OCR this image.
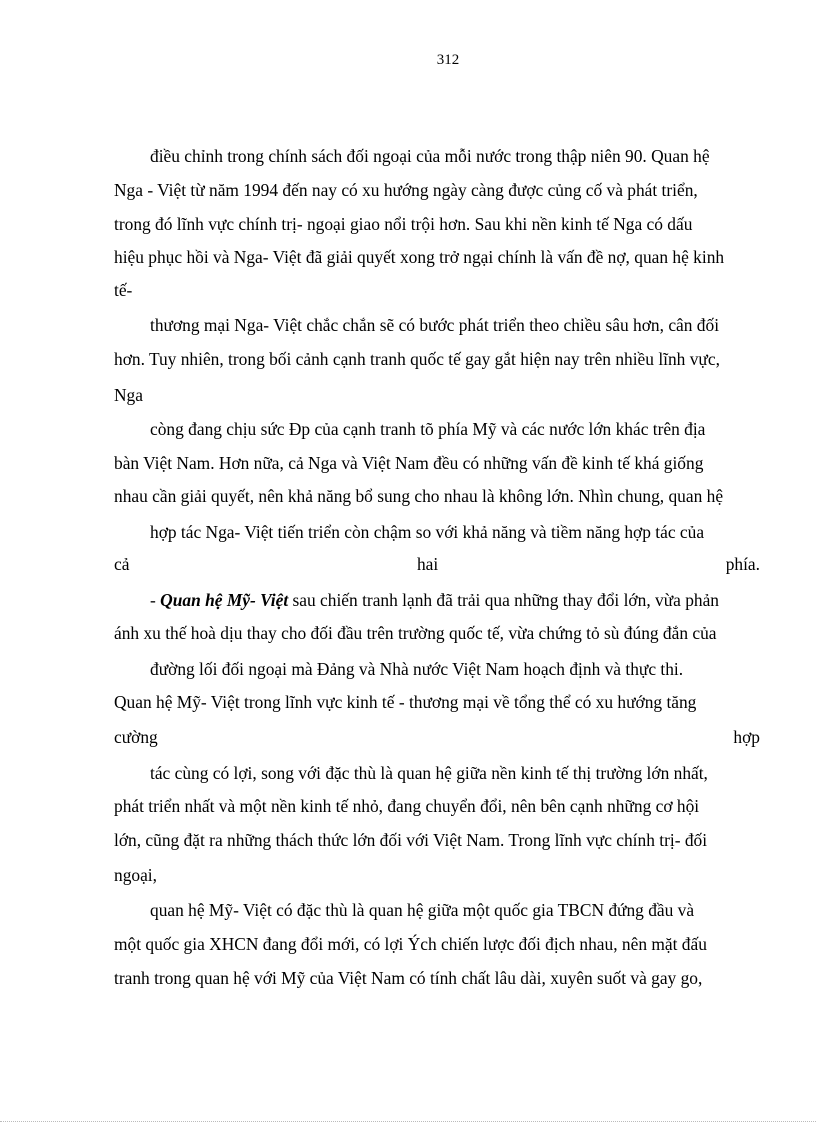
312
điều chỉnh trong chính sách đối ngoại của mỗi nước trong thập niên 90. Quan hệ
Nga - Việt từ năm 1994 đến nay có xu hướng ngày càng được củng cố và phát triển,
trong đó lĩnh vực chính trị- ngoại giao nổi trội hơn. Sau khi nền kinh tế Nga có dấu
hiệu phục hồi và Nga- Việt đã giải quyết xong trở ngại chính là vấn đề nợ, quan hệ kinh
tế-
thương mại Nga- Việt chắc chắn sẽ có bước phát triển theo chiều sâu hơn, cân đối
hơn. Tuy nhiên, trong bối cảnh cạnh tranh quốc tế gay gắt hiện nay trên nhiều lĩnh vực,
Nga
còng đang chịu sức Ðp của cạnh tranh tõ phía Mỹ và các nước lớn khác trên địa
bàn Việt Nam. Hơn nữa, cả Nga và Việt Nam đều có những vấn đề kinh tế khá giống
nhau cần giải quyết, nên khả năng bổ sung cho nhau là không lớn. Nhìn chung, quan hệ
hợp tác Nga- Việt tiến triển còn chậm so với khả năng và tiềm năng hợp tác của
cả hai phía.
- Quan hệ Mỹ- Việt sau chiến tranh lạnh đã trải qua những thay đổi lớn, vừa phản
ánh xu thế hoà dịu thay cho đối đầu trên trường quốc tế, vừa chứng tỏ sù đúng đắn của
đường lối đối ngoại mà Đảng và Nhà nước Việt Nam hoạch định và thực thi.
Quan hệ Mỹ- Việt trong lĩnh vực kinh tế - thương mại về tổng thể có xu hướng tăng
cường hợp
tác cùng có lợi, song với đặc thù là quan hệ giữa nền kinh tế thị trường lớn nhất,
phát triển nhất và một nền kinh tế nhỏ, đang chuyển đổi, nên bên cạnh những cơ hội
lớn, cũng đặt ra những thách thức lớn đối với Việt Nam. Trong lĩnh vực chính trị- đối
ngoại,
quan hệ Mỹ- Việt có đặc thù là quan hệ giữa một quốc gia TBCN đứng đầu và
một quốc gia XHCN đang đổi mới, có lợi Ých chiến lược đối địch nhau, nên mặt đấu
tranh trong quan hệ với Mỹ của Việt Nam có tính chất lâu dài, xuyên suốt và gay go,
